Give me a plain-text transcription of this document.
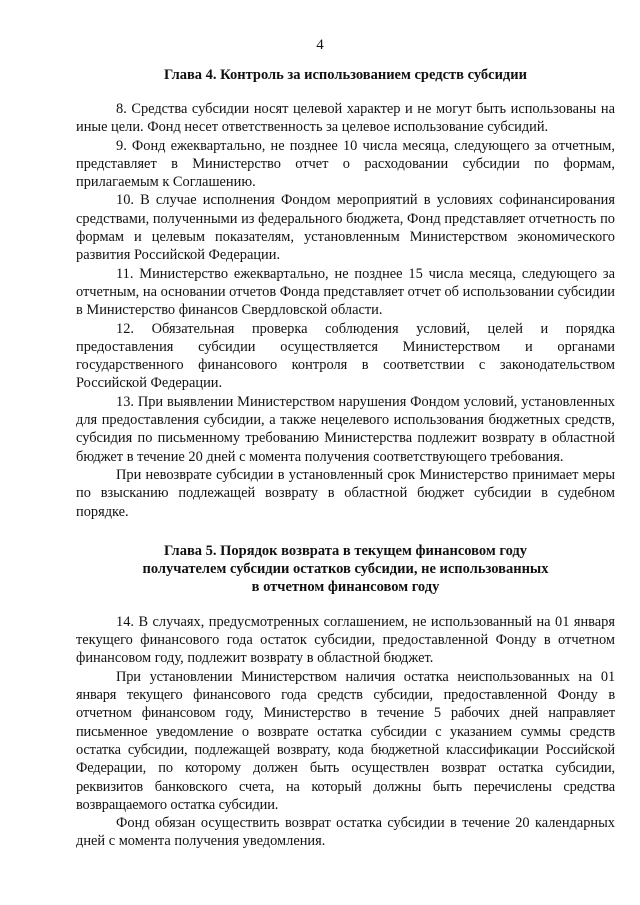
4
Глава 4. Контроль за использованием средств субсидии

8. Средства субсидии носят целевой характер и не могут быть использованы на иные цели. Фонд несет ответственность за целевое использование субсидий.

9. Фонд ежеквартально, не позднее 10 числа месяца, следующего за отчетным, представляет в Министерство отчет о расходовании субсидии по формам, прилагаемым к Соглашению.

10. В случае исполнения Фондом мероприятий в условиях софинансирования средствами, полученными из федерального бюджета, Фонд представляет отчетность по формам и целевым показателям, установленным Министерством экономического развития Российской Федерации.

11. Министерство ежеквартально, не позднее 15 числа месяца, следующего за отчетным, на основании отчетов Фонда представляет отчет об использовании субсидии в Министерство финансов Свердловской области.

12. Обязательная проверка соблюдения условий, целей и порядка предоставления субсидии осуществляется Министерством и органами государственного финансового контроля в соответствии с законодательством Российской Федерации.

13. При выявлении Министерством нарушения Фондом условий, установленных для предоставления субсидии, а также нецелевого использования бюджетных средств, субсидия по письменному требованию Министерства подлежит возврату в областной бюджет в течение 20 дней с момента получения соответствующего требования.

При невозврате субсидии в установленный срок Министерство принимает меры по взысканию подлежащей возврату в областной бюджет субсидии в судебном порядке.

Глава 5. Порядок возврата в текущем финансовом году
получателем субсидии остатков субсидии, не использованных
в отчетном финансовом году

14. В случаях, предусмотренных соглашением, не использованный на 01 января текущего финансового года остаток субсидии, предоставленной Фонду в отчетном финансовом году, подлежит возврату в областной бюджет.

При установлении Министерством наличия остатка неиспользованных на 01 января текущего финансового года средств субсидии, предоставленной Фонду в отчетном финансовом году, Министерство в течение 5 рабочих дней направляет письменное уведомление о возврате остатка субсидии с указанием суммы средств остатка субсидии, подлежащей возврату, кода бюджетной классификации Российской Федерации, по которому должен быть осуществлен возврат остатка субсидии, реквизитов банковского счета, на который должны быть перечислены средства возвращаемого остатка субсидии.

Фонд обязан осуществить возврат остатка субсидии в течение 20 календарных дней с момента получения уведомления.
